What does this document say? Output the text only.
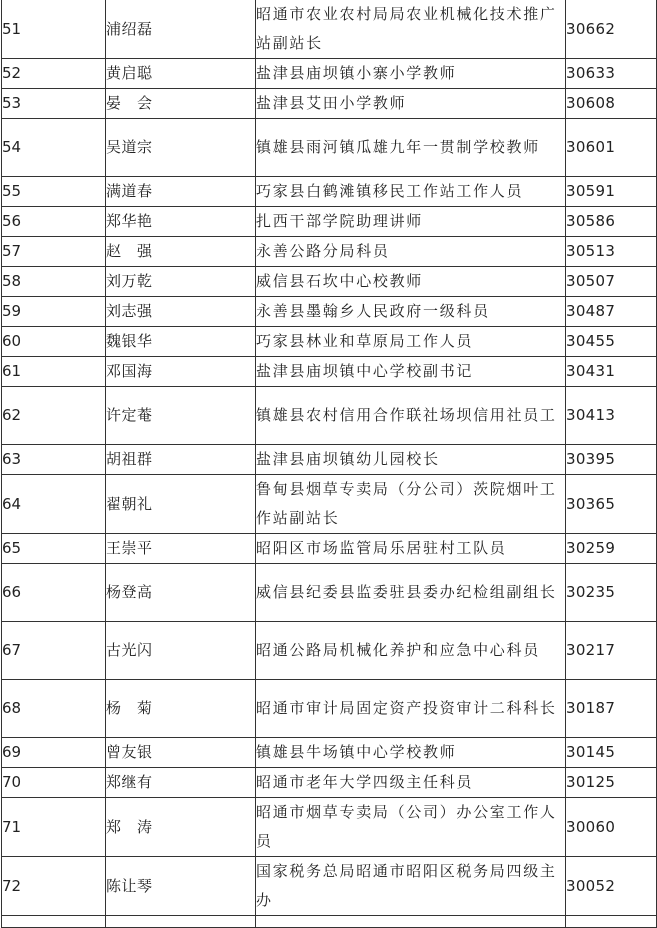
51	浦绍磊	昭通市农业农村局局农业机械化技术推广站副站长	30662
52	黄启聪	盐津县庙坝镇小寨小学教师	30633
53	晏　会	盐津县艾田小学教师	30608
54	吴道宗	镇雄县雨河镇瓜雄九年一贯制学校教师	30601
55	满道春	巧家县白鹤滩镇移民工作站工作人员	30591
56	郑华艳	扎西干部学院助理讲师	30586
57	赵　强	永善公路分局科员	30513
58	刘万乾	威信县石坎中心校教师	30507
59	刘志强	永善县墨翰乡人民政府一级科员	30487
60	魏银华	巧家县林业和草原局工作人员	30455
61	邓国海	盐津县庙坝镇中心学校副书记	30431
62	许定菴	镇雄县农村信用合作联社场坝信用社员工	30413
63	胡祖群	盐津县庙坝镇幼儿园校长	30395
64	翟朝礼	鲁甸县烟草专卖局（分公司）茨院烟叶工作站副站长	30365
65	王崇平	昭阳区市场监管局乐居驻村工队员	30259
66	杨登高	威信县纪委县监委驻县委办纪检组副组长	30235
67	古光闪	昭通公路局机械化养护和应急中心科员	30217
68	杨　菊	昭通市审计局固定资产投资审计二科科长	30187
69	曾友银	镇雄县牛场镇中心学校教师	30145
70	郑继有	昭通市老年大学四级主任科员	30125
71	郑　涛	昭通市烟草专卖局（公司）办公室工作人员	30060
72	陈让琴	国家税务总局昭通市昭阳区税务局四级主办	30052
